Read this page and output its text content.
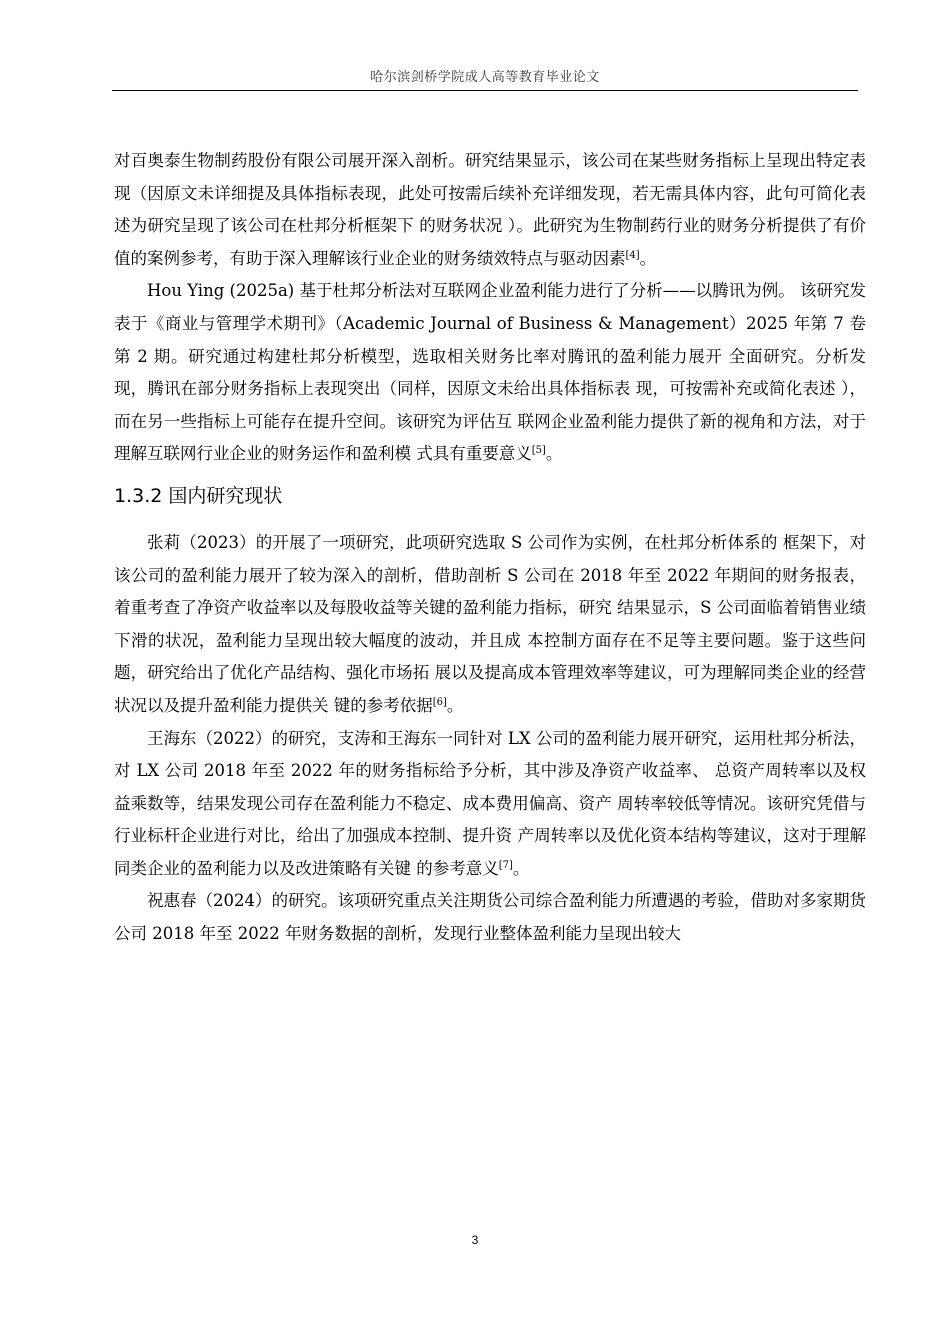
哈尔滨剑桥学院成人高等教育毕业论文

对百奥泰生物制药股份有限公司展开深入剖析。研究结果显示，该公司在某些财务指标上呈现出特定表现（因原文未详细提及具体指标表现，此处可按需后续补充详细发现，若无需具体内容，此句可简化表述为研究呈现了该公司在杜邦分析框架下 的财务状况 ）。此研究为生物制药行业的财务分析提供了有价值的案例参考，有助于深入理解该行业企业的财务绩效特点与驱动因素[4]。

Hou Ying (2025a) 基于杜邦分析法对互联网企业盈利能力进行了分析——以腾讯为例。 该研究发表于《商业与管理学术期刊》（Academic Journal of Business & Management）2025 年第 7 卷第 2 期。研究通过构建杜邦分析模型，选取相关财务比率对腾讯的盈利能力展开 全面研究。分析发现，腾讯在部分财务指标上表现突出（同样，因原文未给出具体指标表 现，可按需补充或简化表述 ），而在另一些指标上可能存在提升空间。该研究为评估互 联网企业盈利能力提供了新的视角和方法，对于理解互联网行业企业的财务运作和盈利模 式具有重要意义[5]。

1.3.2 国内研究现状

张莉（2023）的开展了一项研究，此项研究选取 S 公司作为实例，在杜邦分析体系的 框架下，对该公司的盈利能力展开了较为深入的剖析，借助剖析 S 公司在 2018 年至 2022 年期间的财务报表，着重考查了净资产收益率以及每股收益等关键的盈利能力指标，研究 结果显示，S 公司面临着销售业绩下滑的状况，盈利能力呈现出较大幅度的波动，并且成 本控制方面存在不足等主要问题。鉴于这些问题，研究给出了优化产品结构、强化市场拓 展以及提高成本管理效率等建议，可为理解同类企业的经营状况以及提升盈利能力提供关 键的参考依据[6]。

王海东（2022）的研究，支涛和王海东一同针对 LX 公司的盈利能力展开研究，运用杜邦分析法，对 LX 公司 2018 年至 2022 年的财务指标给予分析，其中涉及净资产收益率、 总资产周转率以及权益乘数等，结果发现公司存在盈利能力不稳定、成本费用偏高、资产 周转率较低等情况。该研究凭借与行业标杆企业进行对比，给出了加强成本控制、提升资 产周转率以及优化资本结构等建议，这对于理解同类企业的盈利能力以及改进策略有关键 的参考意义[7]。

祝惠春（2024）的研究。该项研究重点关注期货公司综合盈利能力所遭遇的考验，借助对多家期货公司 2018 年至 2022 年财务数据的剖析，发现行业整体盈利能力呈现出较大

3
